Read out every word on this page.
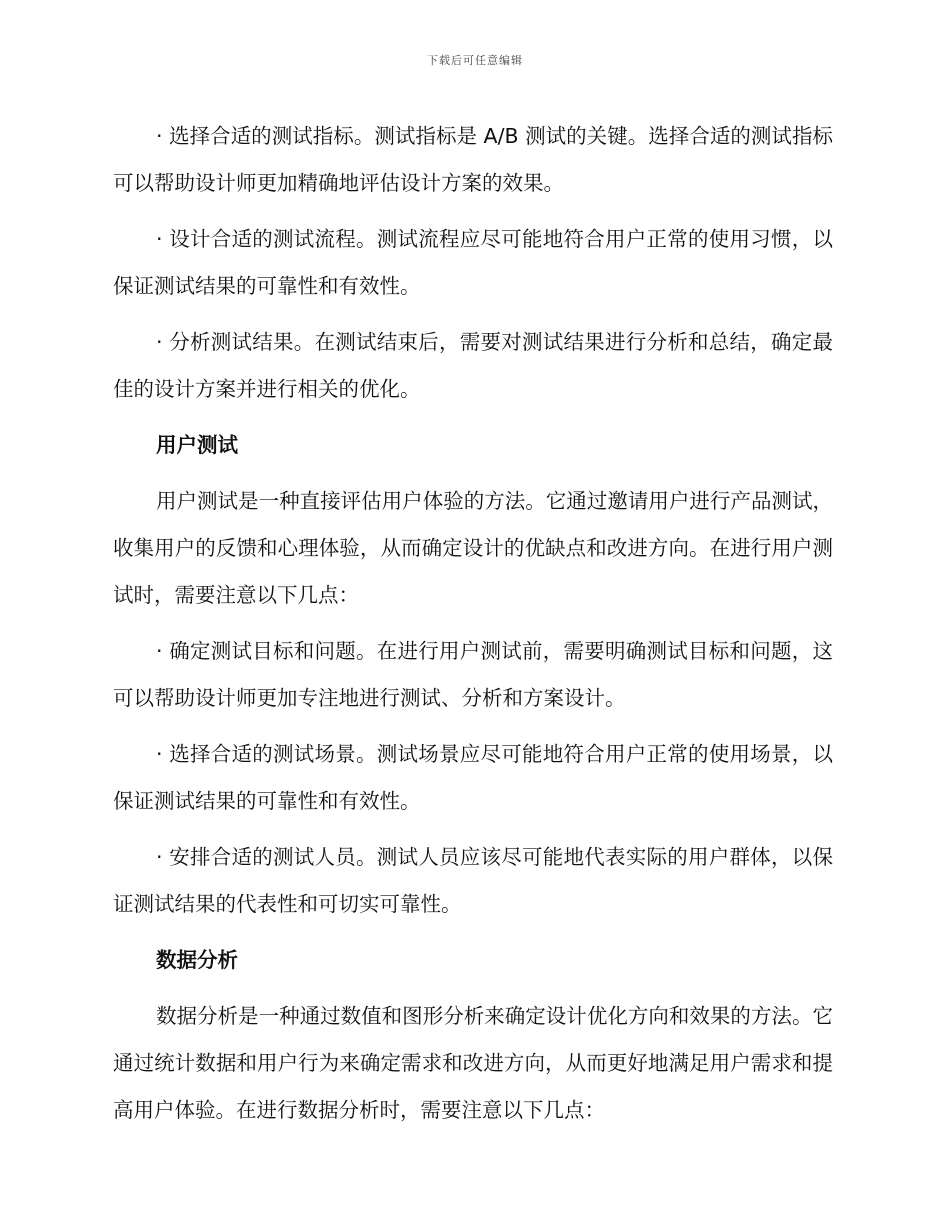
下载后可任意编辑

· 选择合适的测试指标。测试指标是 A/B 测试的关键。选择合适的测试指标可以帮助设计师更加精确地评估设计方案的效果。

· 设计合适的测试流程。测试流程应尽可能地符合用户正常的使用习惯，以保证测试结果的可靠性和有效性。

· 分析测试结果。在测试结束后，需要对测试结果进行分析和总结，确定最佳的设计方案并进行相关的优化。

用户测试

用户测试是一种直接评估用户体验的方法。它通过邀请用户进行产品测试，收集用户的反馈和心理体验，从而确定设计的优缺点和改进方向。在进行用户测试时，需要注意以下几点：

· 确定测试目标和问题。在进行用户测试前，需要明确测试目标和问题，这可以帮助设计师更加专注地进行测试、分析和方案设计。

· 选择合适的测试场景。测试场景应尽可能地符合用户正常的使用场景，以保证测试结果的可靠性和有效性。

· 安排合适的测试人员。测试人员应该尽可能地代表实际的用户群体，以保证测试结果的代表性和可切实可靠性。

数据分析

数据分析是一种通过数值和图形分析来确定设计优化方向和效果的方法。它通过统计数据和用户行为来确定需求和改进方向，从而更好地满足用户需求和提高用户体验。在进行数据分析时，需要注意以下几点：
